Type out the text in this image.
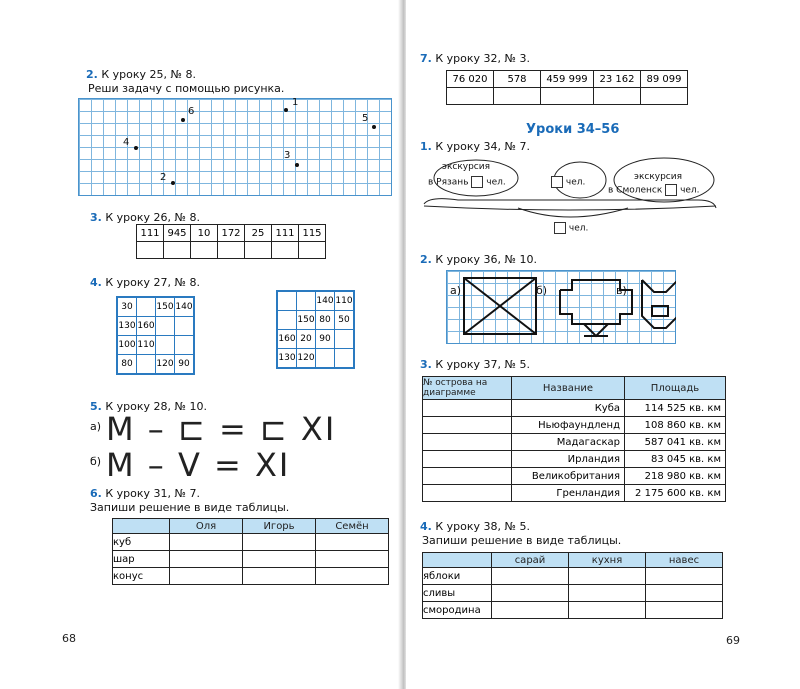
2. К уроку 25, № 8.
Реши задачу с помощью рисунка.
4
6
2
1
3
5
3. К уроку 26, № 8.
111	945	10	172	25	111	115

4. К уроку 27, № 8.
30		150	140
130	160		
100	110		
80		120	90
		140	110
	150	80	50
160	20	90	
130	120		
5. К уроку 28, № 10.
а) M – ⊏ = ⊏ XI
б) M – V = XI
6. К уроку 31, № 7.
Запиши решение в виде таблицы.
	Оля	Игорь	Семён
куб			
шар			
конус			
68
7. К уроку 32, № 3.
76 020	578	459 999	23 162	89 099

Уроки 34–56
1. К уроку 34, № 7.
экскурсия
в Рязань чел.	чел.
экскурсия
в Смоленск чел.
чел.
2. К уроку 36, № 10.
а)	б)	в)
3. К уроку 37, № 5.
№ острова на диаграмме	Название	Площадь
	Куба	114 525 кв. км
	Ньюфаундленд	108 860 кв. км
	Мадагаскар	587 041 кв. км
	Ирландия	83 045 кв. км
	Великобритания	218 980 кв. км
	Гренландия	2 175 600 кв. км
4. К уроку 38, № 5.
Запиши решение в виде таблицы.
	сарай	кухня	навес
яблоки			
сливы			
смородина			
69
